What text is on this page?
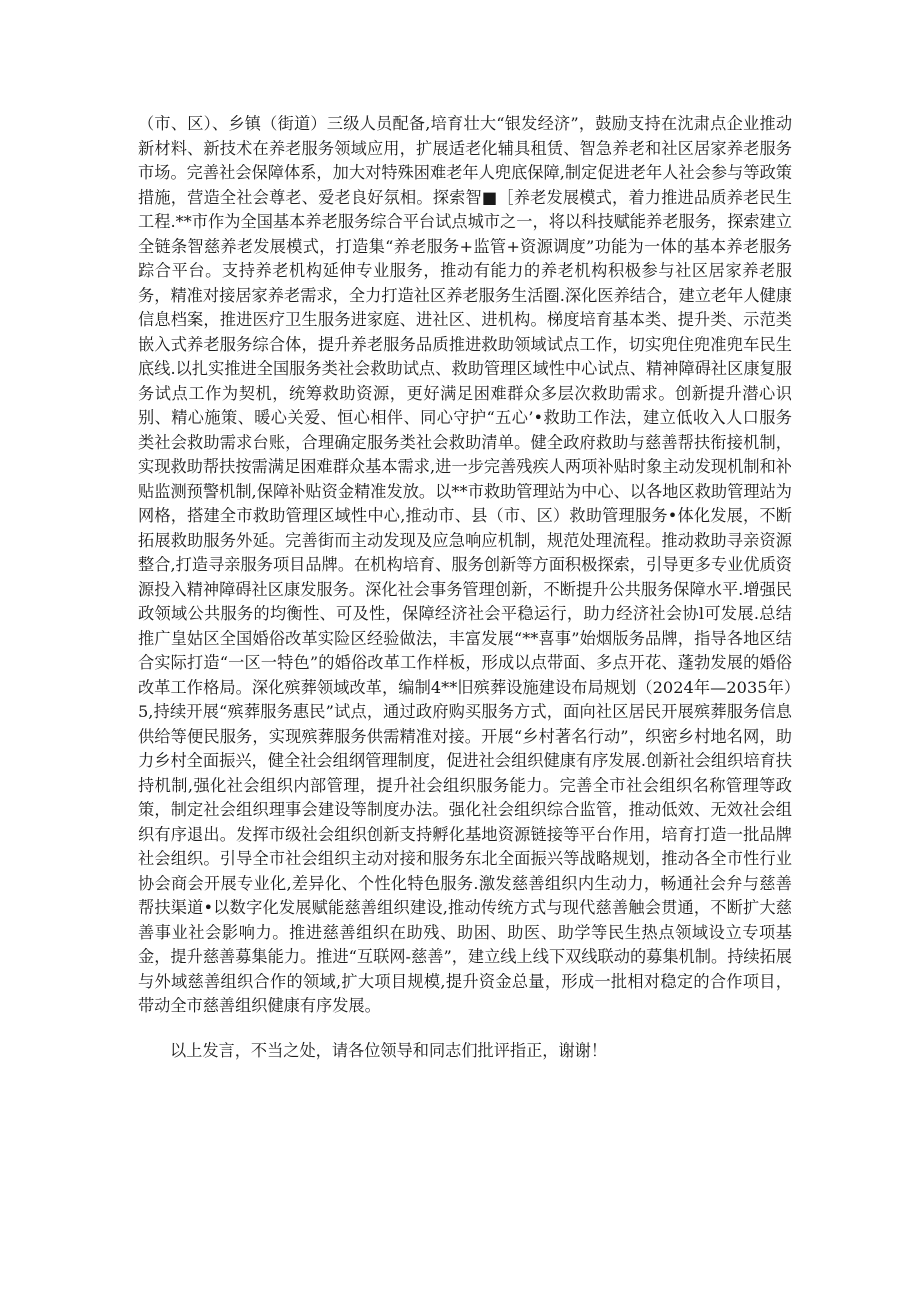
（市、区）、乡镇（街道）三级人员配备,培育壮大“银发经济”，鼓励支持在沈肃点企业推动新材料、新技术在养老服务领域应用，扩展适老化辅具租赁、智急养老和社区居家养老服务市场。完善社会保障体系，加大对特殊困难老年人兜底保障,制定促进老年人社会参与等政策措施，营造全社会尊老、爱老良好氛相。探索智■［养老发展模式，着力推进品质养老民生工程.**市作为全国基本养老服务综合平台试点城市之一，将以科技赋能养老服务，探索建立全链条智慈养老发展模式，打造集“养老服务+监管+资源调度”功能为一体的基本养老服务踪合平台。支持养老机构延伸专业服务，推动有能力的养老机构积极参与社区居家养老服务，精准对接居家养老需求，全力打造社区养老服务生活圈.深化医养结合，建立老年人健康信息档案，推进医疗卫生服务进家庭、进社区、进机构。梯度培育基本类、提升类、示范类嵌入式养老服务综合体，提升养老服务品质推进救助领域试点工作，切实兜住兜准兜车民生底线.以扎实推进全国服务类社会救助试点、救助管理区域性中心试点、精神障碍社区康复服务试点工作为契机，统筹救助资源，更好满足困难群众多层次救助需求。创新提升潜心识别、精心施策、暖心关爱、恒心相伴、同心守护“五心’•救助工作法，建立低收入人口服务类社会救助需求台账，合理确定服务类社会救助清单。健全政府救助与慈善帮扶衔接机制，实现救助帮扶按需满足困难群众基本需求,进一步完善残疾人两项补贴时象主动发现机制和补贴监测预警机制,保障补贴资金精准发放。以**市救助管理站为中心、以各地区救助管理站为网格，搭建全市救助管理区域性中心,推动市、县（市、区）救助管理服务•体化发展，不断拓展救助服务外延。完善街而主动发现及应急响应机制，规范处理流程。推动救助寻亲资源整合,打造寻亲服务项目品牌。在机构培育、服务创新等方面积极探索，引导更多专业优质资源投入精神障碍社区康发服务。深化社会事务管理创新，不断提升公共服务保障水平.增强民政领域公共服务的均衡性、可及性，保障经济社会平稳运行，助力经济社会协l可发展.总结推广皇姑区全国婚俗改革实险区经验做法，丰富发展“**喜事”始烟版务品牌，指导各地区结合实际打造“一区一特色”的婚俗改革工作样板，形成以点带面、多点开花、蓬勃发展的婚俗改革工作格局。深化殡葬领域改革，编制4**旧殡葬设施建设布局规划（2024年—2035年）5,持续开展“殡葬服务惠民”试点，通过政府购买服务方式，面向社区居民开展殡葬服务信息供给等便民服务，实现殡葬服务供需精准对接。开展“乡村著名行动”，织密乡村地名网，助力乡村全面振兴，健全社会组纲管理制度，促进社会组织健康有序发展.创新社会组织培育扶持机制,强化社会组织内部管理，提升社会组织服务能力。完善全市社会组织名称管理等政策，制定社会组织理事会建设等制度办法。强化社会组织综合监管，推动低效、无效社会组织有序退出。发挥市级社会组织创新支持孵化基地资源链接等平台作用，培育打造一批品牌社会组织。引导全市社会组织主动对接和服务东北全面振兴等战略规划，推动各全市性行业协会商会开展专业化,差异化、个性化特色服务.激发慈善组织内生动力，畅通社会弁与慈善帮扶渠道•以数字化发展赋能慈善组织建设,推动传统方式与现代慈善触会贯通，不断扩大慈善事业社会影响力。推进慈善组织在助残、助困、助医、助学等民生热点领域设立专项基金，提升慈善募集能力。推进“互联网-慈善”，建立线上线下双线联动的募集机制。持续拓展与外域慈善组织合作的领域,扩大项目规模,提升资金总量，形成一批相对稳定的合作项目，带动全市慈善组织健康有序发展。

以上发言，不当之处，请各位领导和同志们批评指正，谢谢！
